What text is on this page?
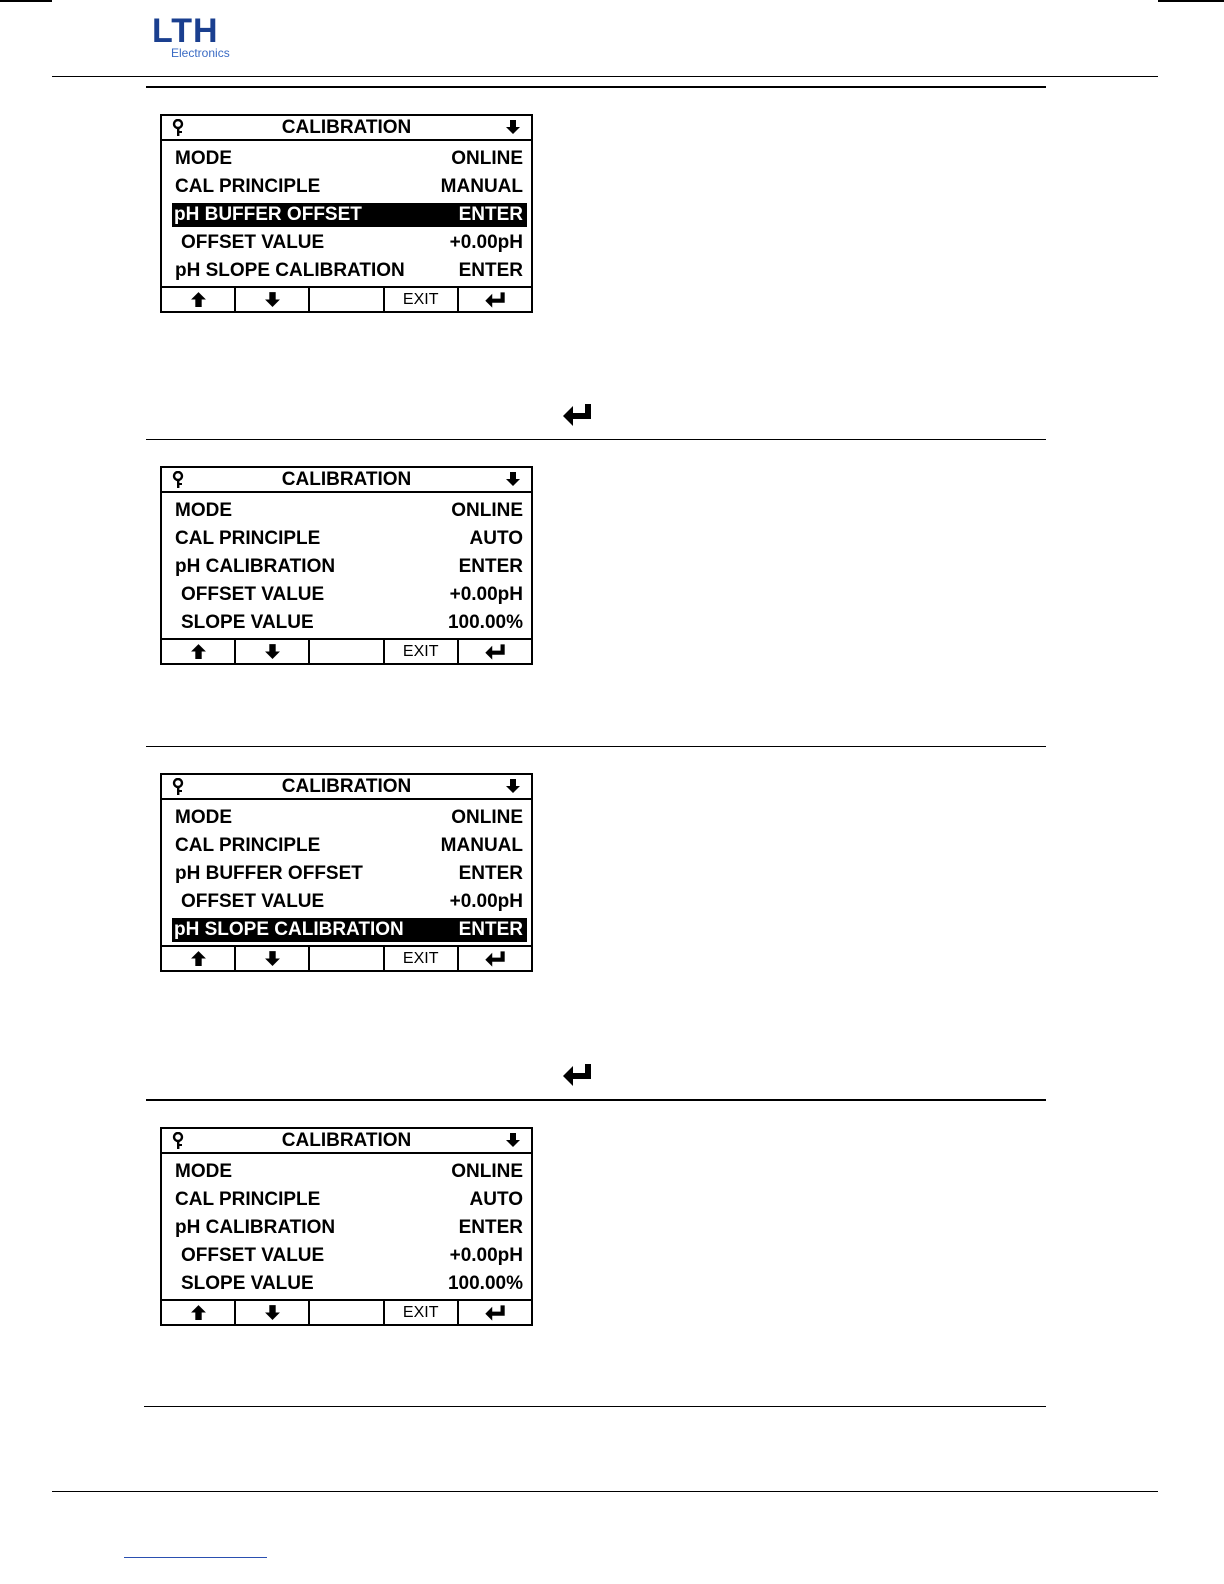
LTH
Electronics
CALIBRATION
MODE	ONLINE
CAL PRINCIPLE	MANUAL
pH BUFFER OFFSET	ENTER
OFFSET VALUE	+0.00pH
pH SLOPE CALIBRATION	ENTER
EXIT
CALIBRATION
MODE	ONLINE
CAL PRINCIPLE	AUTO
pH CALIBRATION	ENTER
OFFSET VALUE	+0.00pH
SLOPE VALUE	100.00%
EXIT
CALIBRATION
MODE	ONLINE
CAL PRINCIPLE	MANUAL
pH BUFFER OFFSET	ENTER
OFFSET VALUE	+0.00pH
pH SLOPE CALIBRATION	ENTER
EXIT
CALIBRATION
MODE	ONLINE
CAL PRINCIPLE	AUTO
pH CALIBRATION	ENTER
OFFSET VALUE	+0.00pH
SLOPE VALUE	100.00%
EXIT
